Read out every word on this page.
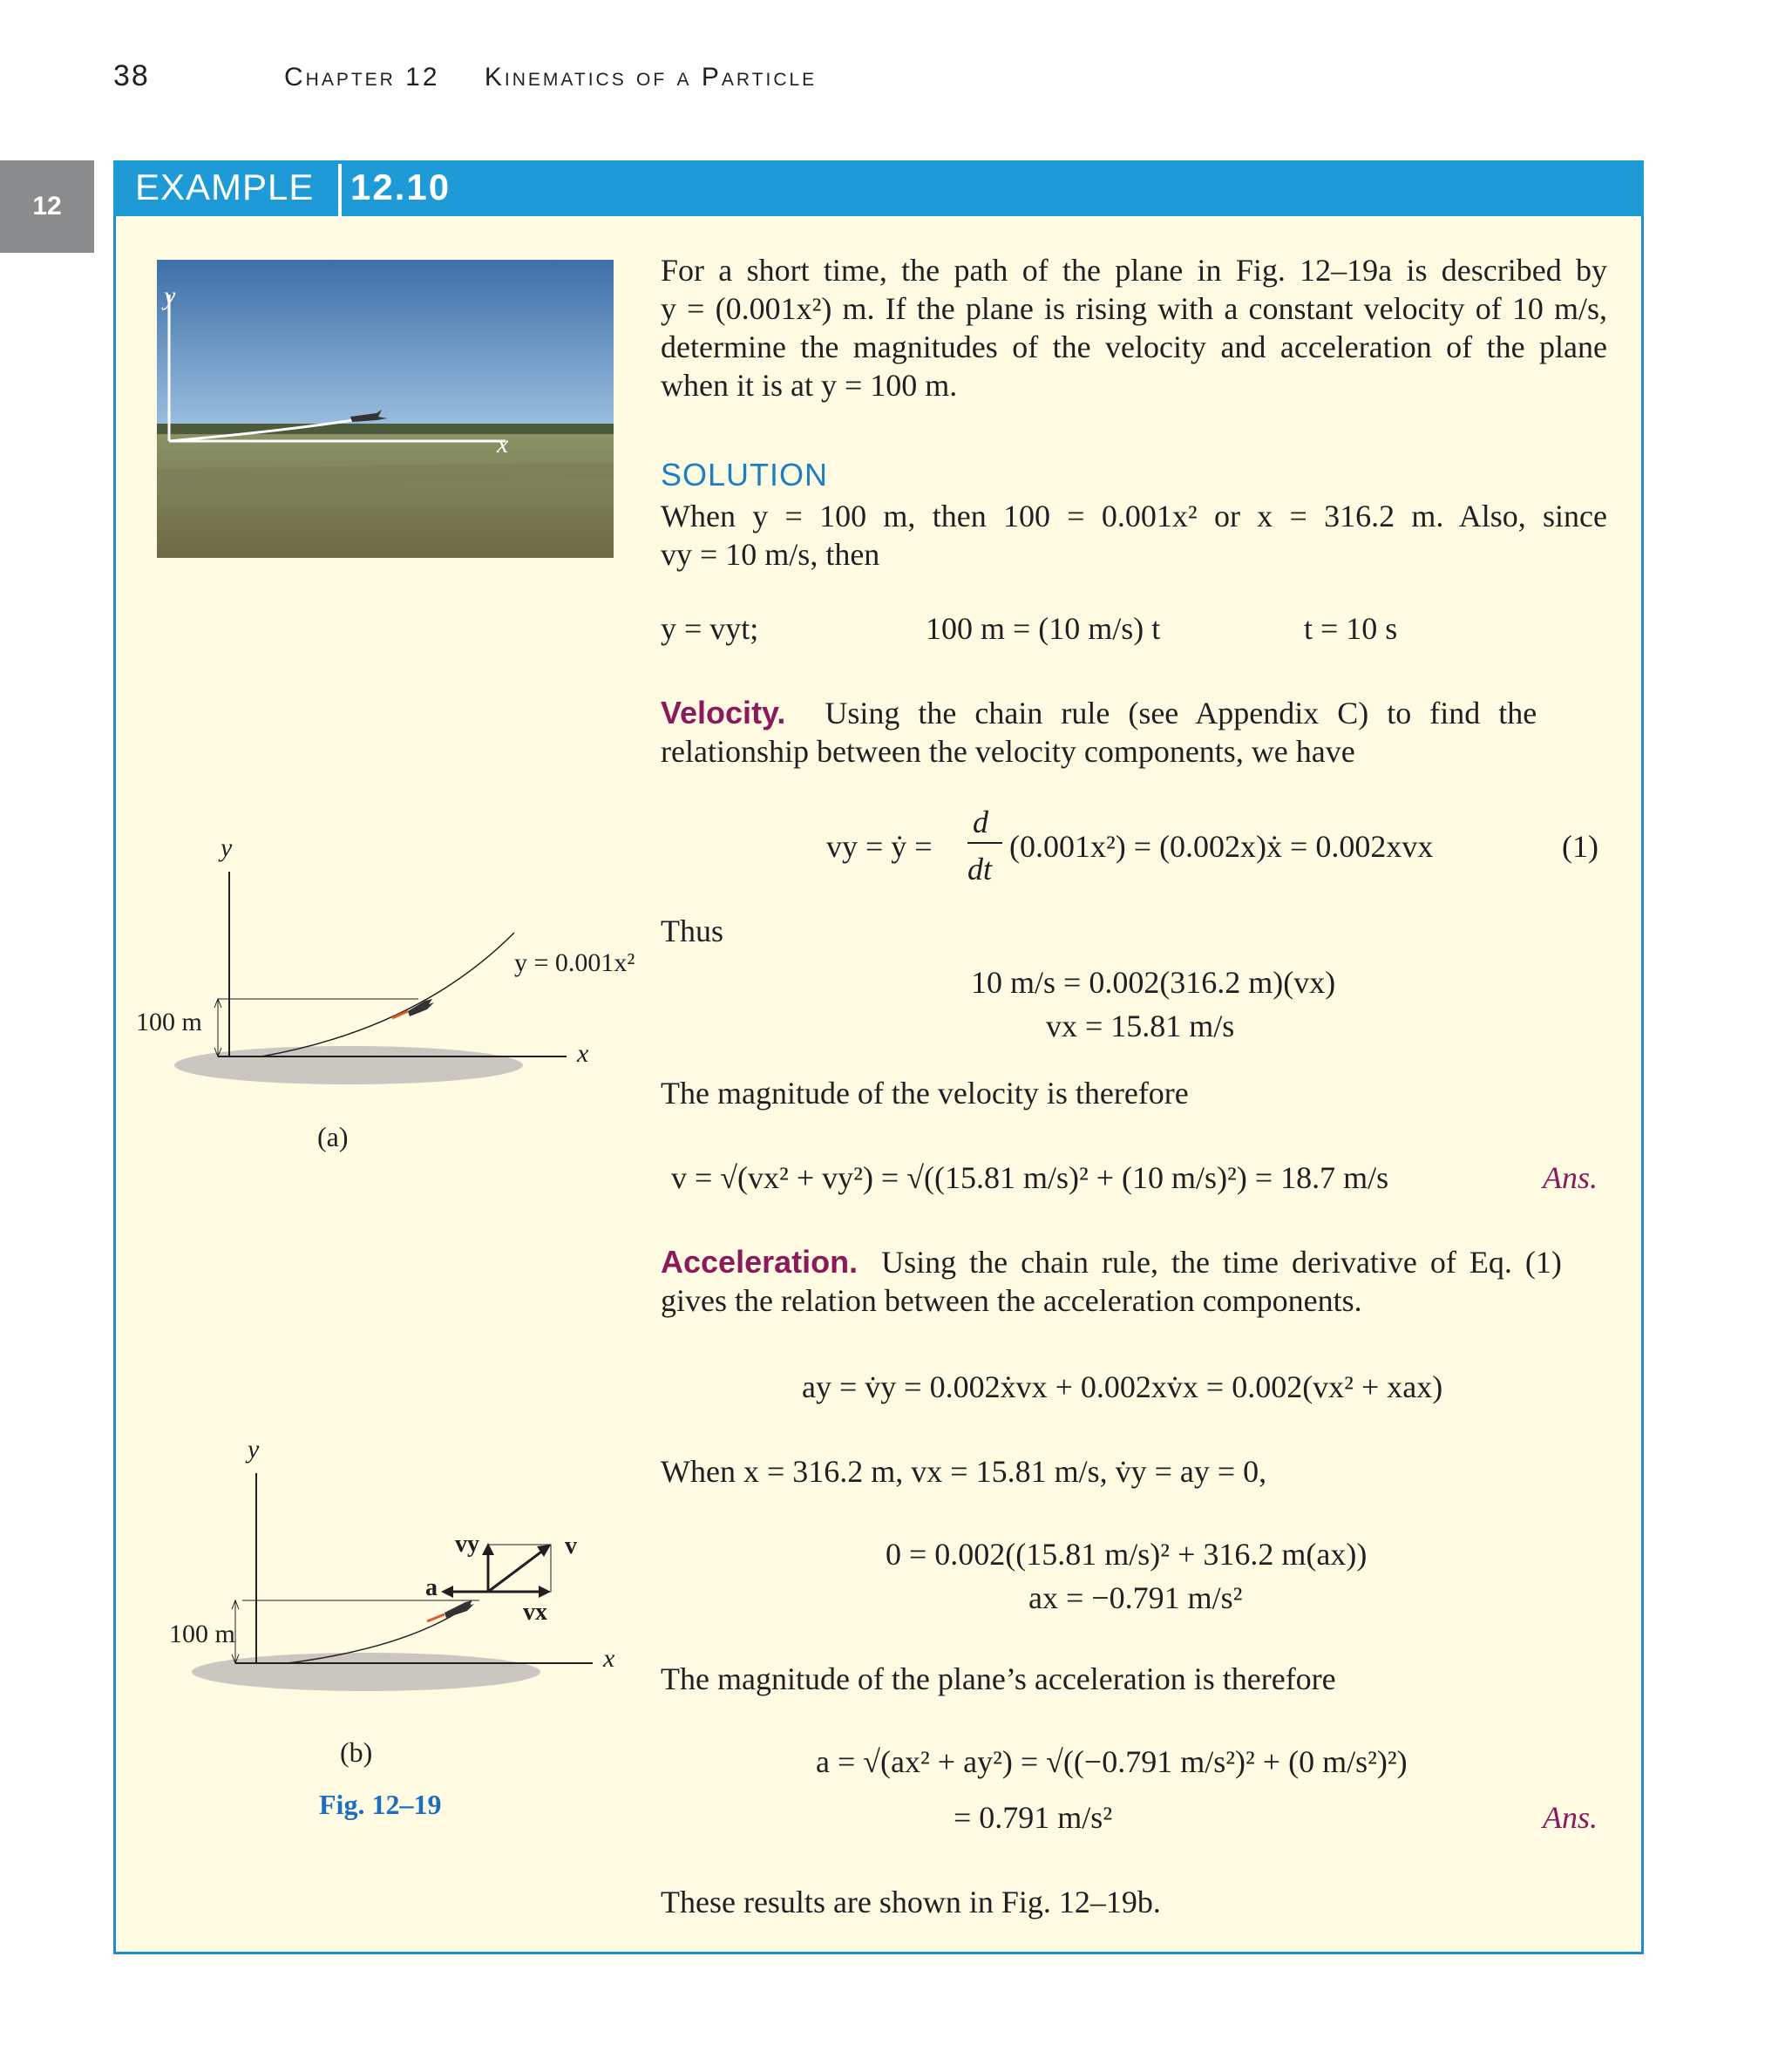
38	Chapter 12 Kinematics of a Particle
12	EXAMPLE 12.10
y
x
For a short time, the path of the plane in Fig. 12–19a is described by
y = (0.001x²) m. If the plane is rising with a constant velocity of 10 m/s,
determine the magnitudes of the velocity and acceleration of the plane
when it is at y = 100 m.
SOLUTION
When y = 100 m, then 100 = 0.001x² or x = 316.2 m. Also, since
vy = 10 m/s, then
y = vyt;	100 m = (10 m/s) t	t = 10 s
Velocity. Using the chain rule (see Appendix C) to find the
relationship between the velocity components, we have
vy = ẏ =
d
dt
(0.001x²) = (0.002x)ẋ = 0.002xvx	(1)
Thus
10 m/s = 0.002(316.2 m)(vx)
vx = 15.81 m/s
The magnitude of the velocity is therefore
v = √(vx² + vy²) = √((15.81 m/s)² + (10 m/s)²) = 18.7 m/s	Ans.
Acceleration. Using the chain rule, the time derivative of Eq. (1)
gives the relation between the acceleration components.
ay = v̇y = 0.002ẋvx + 0.002xv̇x = 0.002(vx² + xax)
When x = 316.2 m, vx = 15.81 m/s, v̇y = ay = 0,
0 = 0.002((15.81 m/s)² + 316.2 m(ax))
ax = −0.791 m/s²
The magnitude of the plane’s acceleration is therefore
a = √(ax² + ay²) = √((−0.791 m/s²)² + (0 m/s²)²)
= 0.791 m/s²	Ans.
These results are shown in Fig. 12–19b.
y
y = 0.001x²
100 m
x
(a)
y
vy	v
a
vx
100 m
x
(b)
Fig. 12–19
